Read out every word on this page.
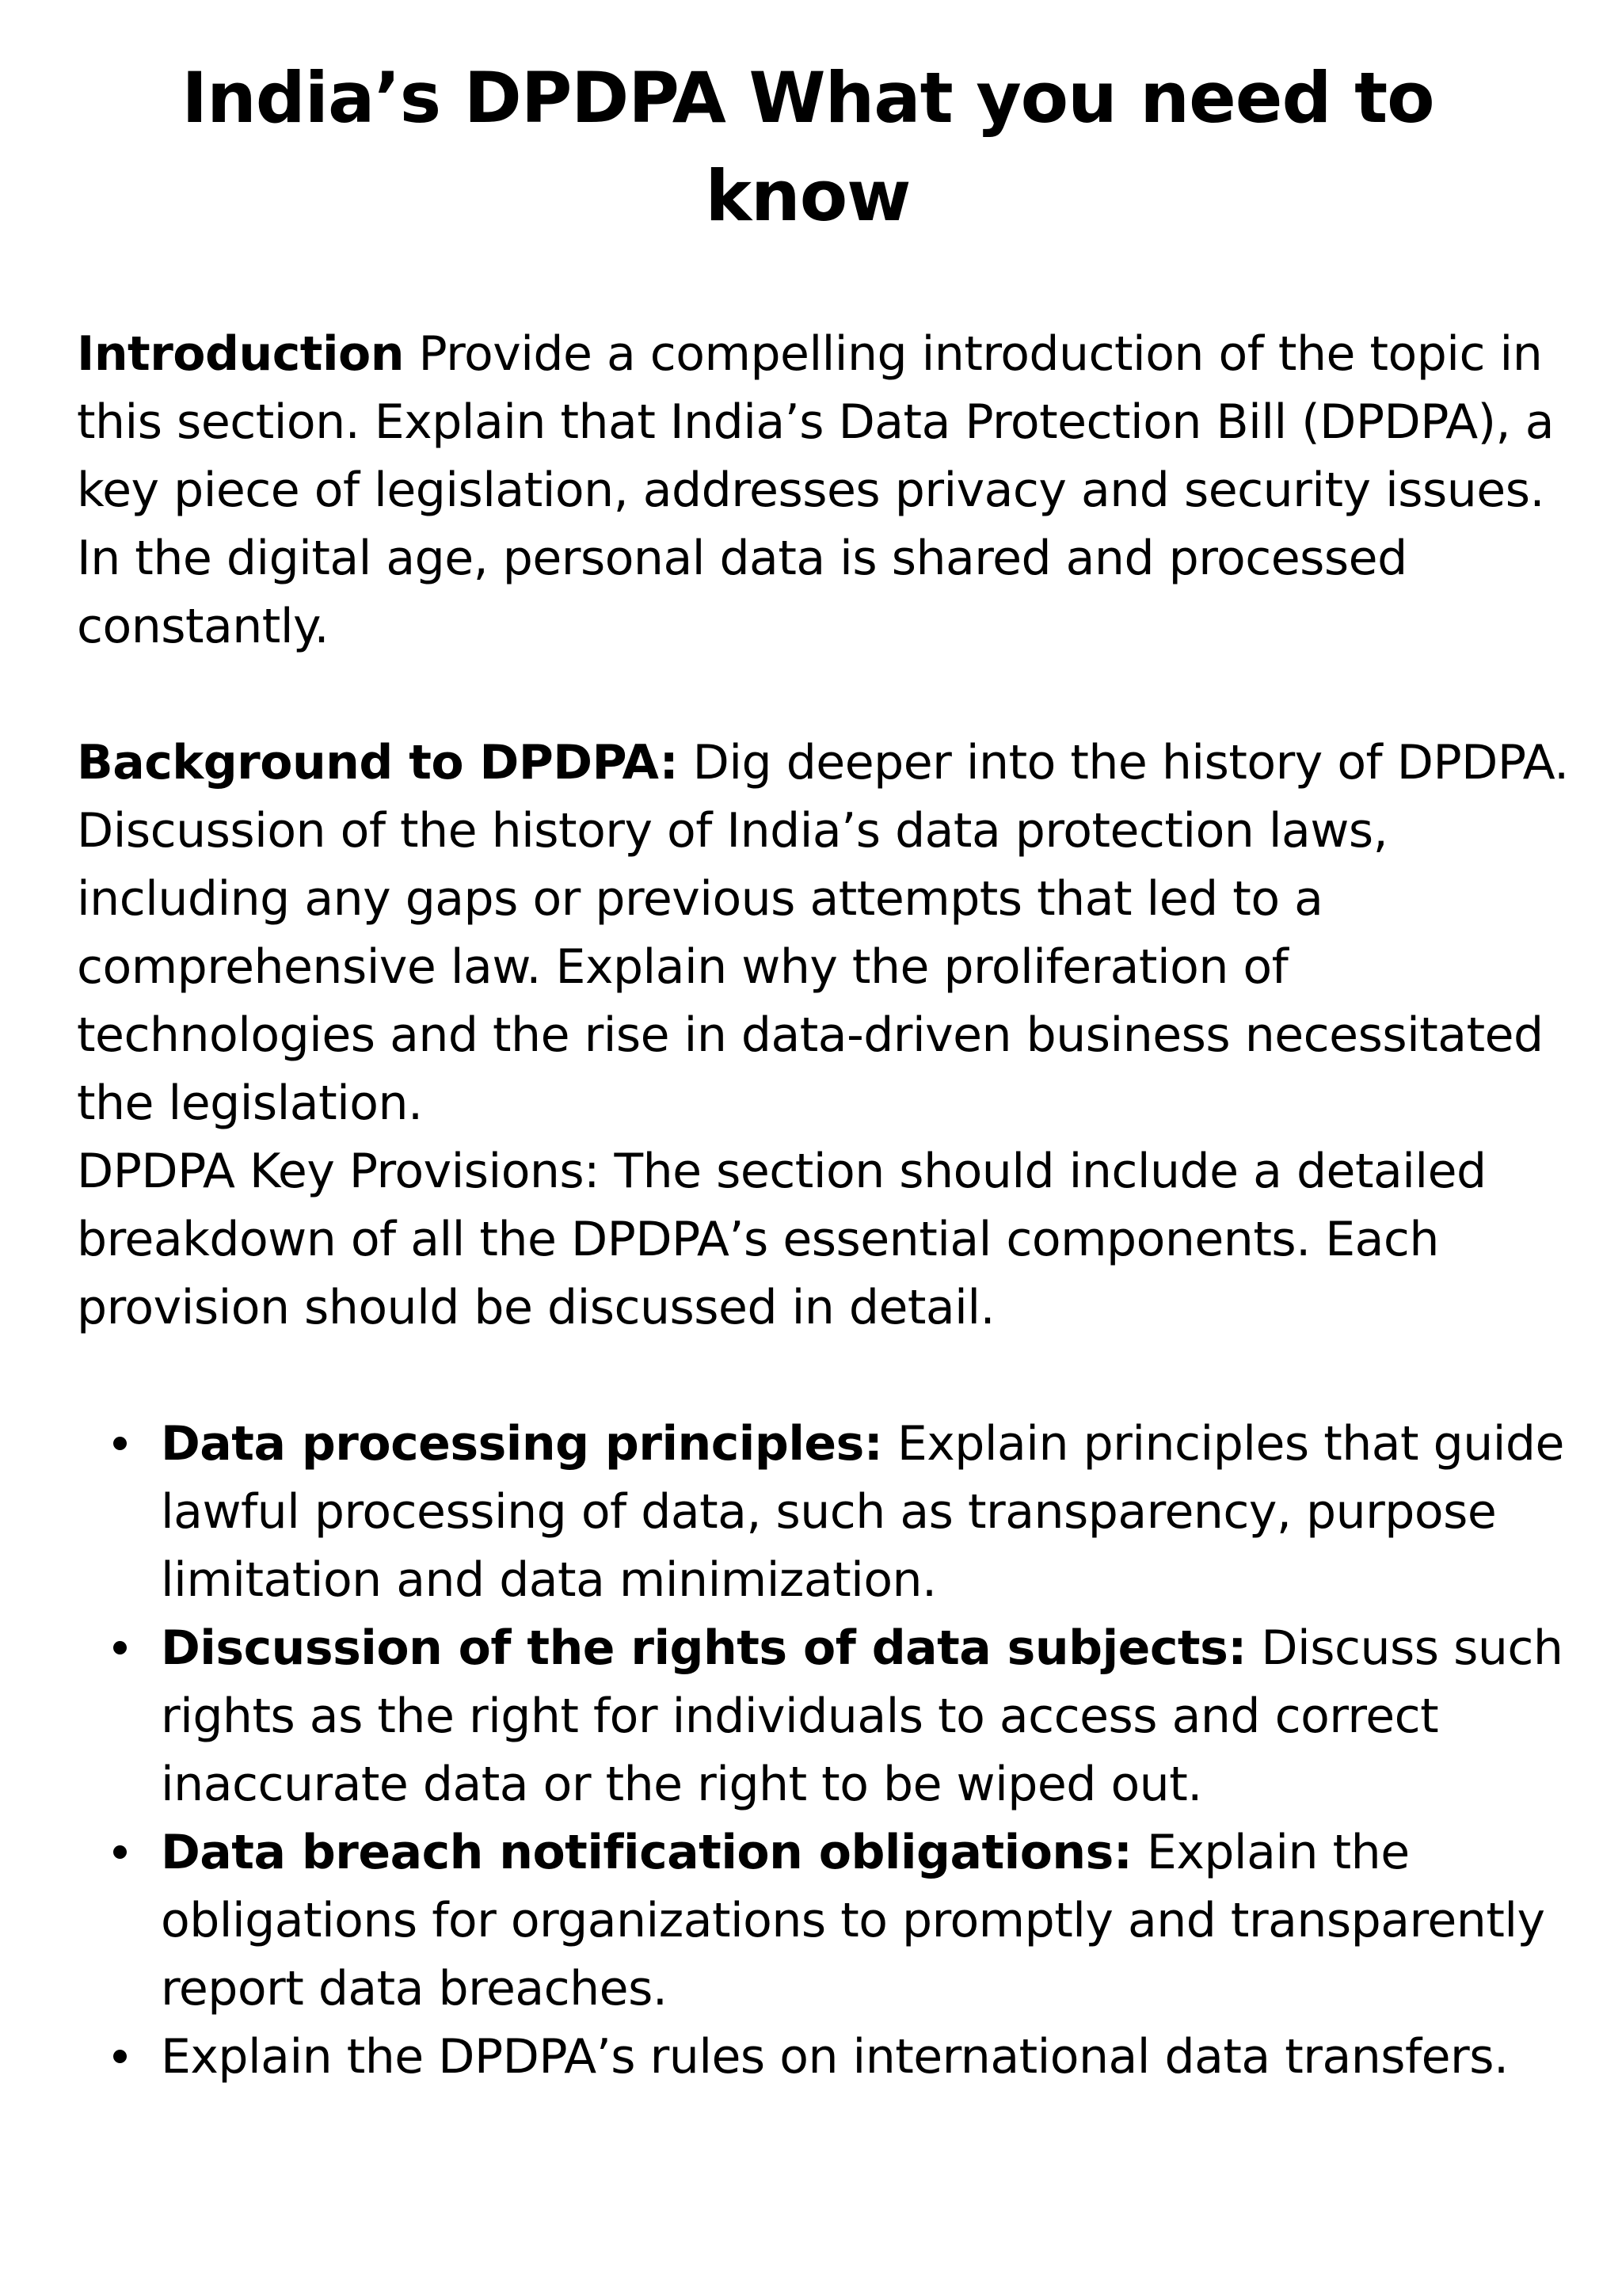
India’s DPDPA What you need to know

Introduction Provide a compelling introduction of the topic in this section. Explain that India’s Data Protection Bill (DPDPA), a key piece of legislation, addresses privacy and security issues. In the digital age, personal data is shared and processed constantly.

Background to DPDPA: Dig deeper into the history of DPDPA. Discussion of the history of India’s data protection laws, including any gaps or previous attempts that led to a comprehensive law. Explain why the proliferation of technologies and the rise in data-driven business necessitated the legislation.

DPDPA Key Provisions: The section should include a detailed breakdown of all the DPDPA’s essential components. Each provision should be discussed in detail.

Data processing principles: Explain principles that guide lawful processing of data, such as transparency, purpose limitation and data minimization.
Discussion of the rights of data subjects: Discuss such rights as the right for individuals to access and correct inaccurate data or the right to be wiped out.
Data breach notification obligations: Explain the obligations for organizations to promptly and transparently report data breaches.
Explain the DPDPA’s rules on international data transfers.
